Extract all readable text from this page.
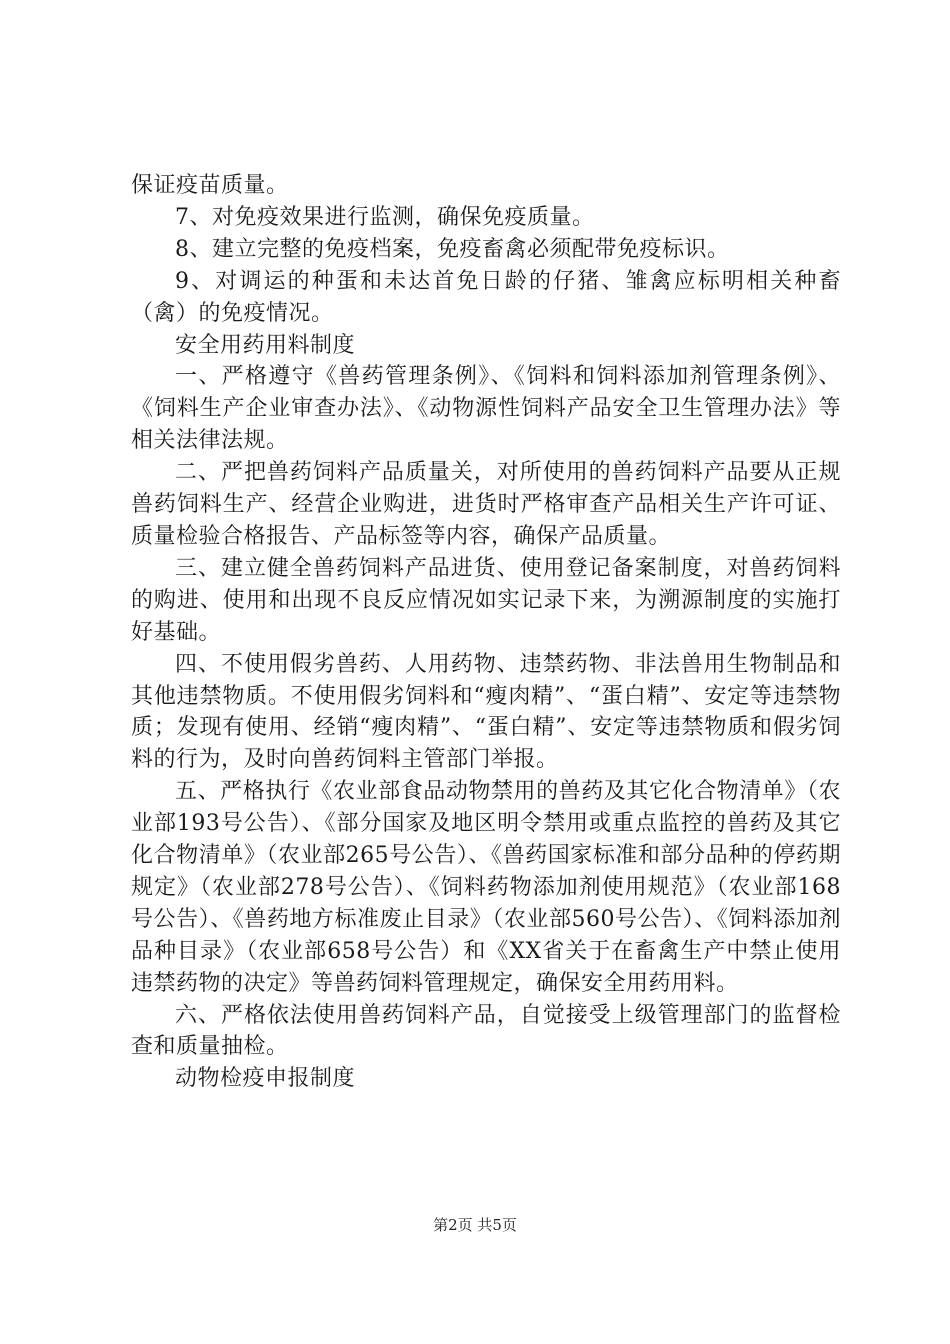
保证疫苗质量。

7、对免疫效果进行监测，确保免疫质量。

8、建立完整的免疫档案，免疫畜禽必须配带免疫标识。

9、对调运的种蛋和未达首免日龄的仔猪、雏禽应标明相关种畜（禽）的免疫情况。

安全用药用料制度

一、严格遵守《兽药管理条例》、《饲料和饲料添加剂管理条例》、《饲料生产企业审查办法》、《动物源性饲料产品安全卫生管理办法》等相关法律法规。

二、严把兽药饲料产品质量关，对所使用的兽药饲料产品要从正规兽药饲料生产、经营企业购进，进货时严格审查产品相关生产许可证、质量检验合格报告、产品标签等内容，确保产品质量。

三、建立健全兽药饲料产品进货、使用登记备案制度，对兽药饲料的购进、使用和出现不良反应情况如实记录下来，为溯源制度的实施打好基础。

四、不使用假劣兽药、人用药物、违禁药物、非法兽用生物制品和其他违禁物质。不使用假劣饲料和“瘦肉精”、“蛋白精”、安定等违禁物质；发现有使用、经销“瘦肉精”、“蛋白精”、安定等违禁物质和假劣饲料的行为，及时向兽药饲料主管部门举报。

五、严格执行《农业部食品动物禁用的兽药及其它化合物清单》（农业部193号公告）、《部分国家及地区明令禁用或重点监控的兽药及其它化合物清单》（农业部265号公告）、《兽药国家标准和部分品种的停药期规定》（农业部278号公告）、《饲料药物添加剂使用规范》（农业部168号公告）、《兽药地方标准废止目录》（农业部560号公告）、《饲料添加剂品种目录》（农业部658号公告）和《XX省关于在畜禽生产中禁止使用违禁药物的决定》等兽药饲料管理规定，确保安全用药用料。

六、严格依法使用兽药饲料产品，自觉接受上级管理部门的监督检查和质量抽检。

动物检疫申报制度

第2页 共5页
